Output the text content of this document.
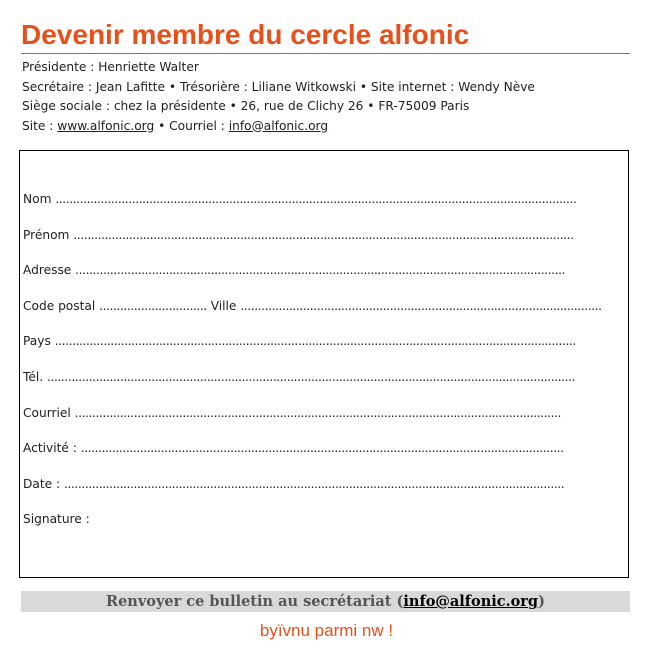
Devenir membre du cercle alfonic
Présidente : Henriette Walter
Secrétaire : Jean Lafitte • Trésorière : Liliane Witkowski • Site internet : Wendy Nève
Siège sociale : chez la présidente • 26, rue de Clichy 26 • FR-75009 Paris
Site : www.alfonic.org • Courriel : info@alfonic.org
Nom ......................................................................................................................................................
Prénom ................................................................................................................................................
Adresse .............................................................................................................................................
Code postal ............................... Ville ........................................................................................................
Pays ......................................................................................................................................................
Tél. ........................................................................................................................................................
Courriel ............................................................................................................................................
Activité : ...........................................................................................................................................
Date : ................................................................................................................................................
Signature :
Renvoyer ce bulletin au secrétariat (info@alfonic.org)
byïvnu parmi nw !
